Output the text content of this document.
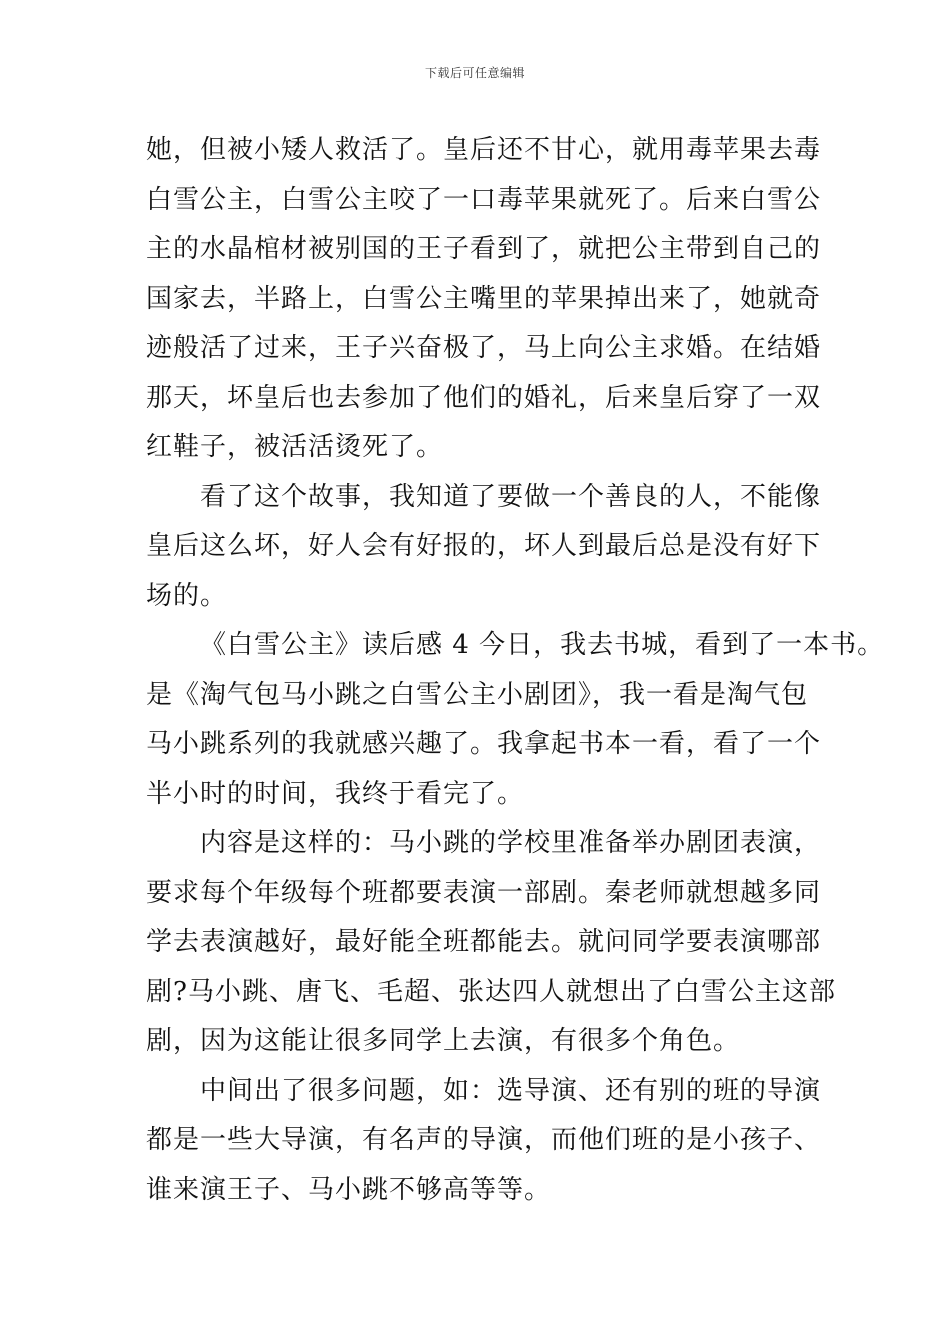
下载后可任意编辑
她，但被小矮人救活了。皇后还不甘心，就用毒苹果去毒
白雪公主，白雪公主咬了一口毒苹果就死了。后来白雪公
主的水晶棺材被别国的王子看到了，就把公主带到自己的
国家去，半路上，白雪公主嘴里的苹果掉出来了，她就奇
迹般活了过来，王子兴奋极了，马上向公主求婚。在结婚
那天，坏皇后也去参加了他们的婚礼，后来皇后穿了一双
红鞋子，被活活烫死了。
看了这个故事，我知道了要做一个善良的人，不能像
皇后这么坏，好人会有好报的，坏人到最后总是没有好下
场的。
《白雪公主》读后感 4 今日，我去书城，看到了一本书。
是《淘气包马小跳之白雪公主小剧团》，我一看是淘气包
马小跳系列的我就感兴趣了。我拿起书本一看，看了一个
半小时的时间，我终于看完了。
内容是这样的：马小跳的学校里准备举办剧团表演，
要求每个年级每个班都要表演一部剧。秦老师就想越多同
学去表演越好，最好能全班都能去。就问同学要表演哪部
剧?马小跳、唐飞、毛超、张达四人就想出了白雪公主这部
剧，因为这能让很多同学上去演，有很多个角色。
中间出了很多问题，如：选导演、还有别的班的导演
都是一些大导演，有名声的导演，而他们班的是小孩子、
谁来演王子、马小跳不够高等等。
